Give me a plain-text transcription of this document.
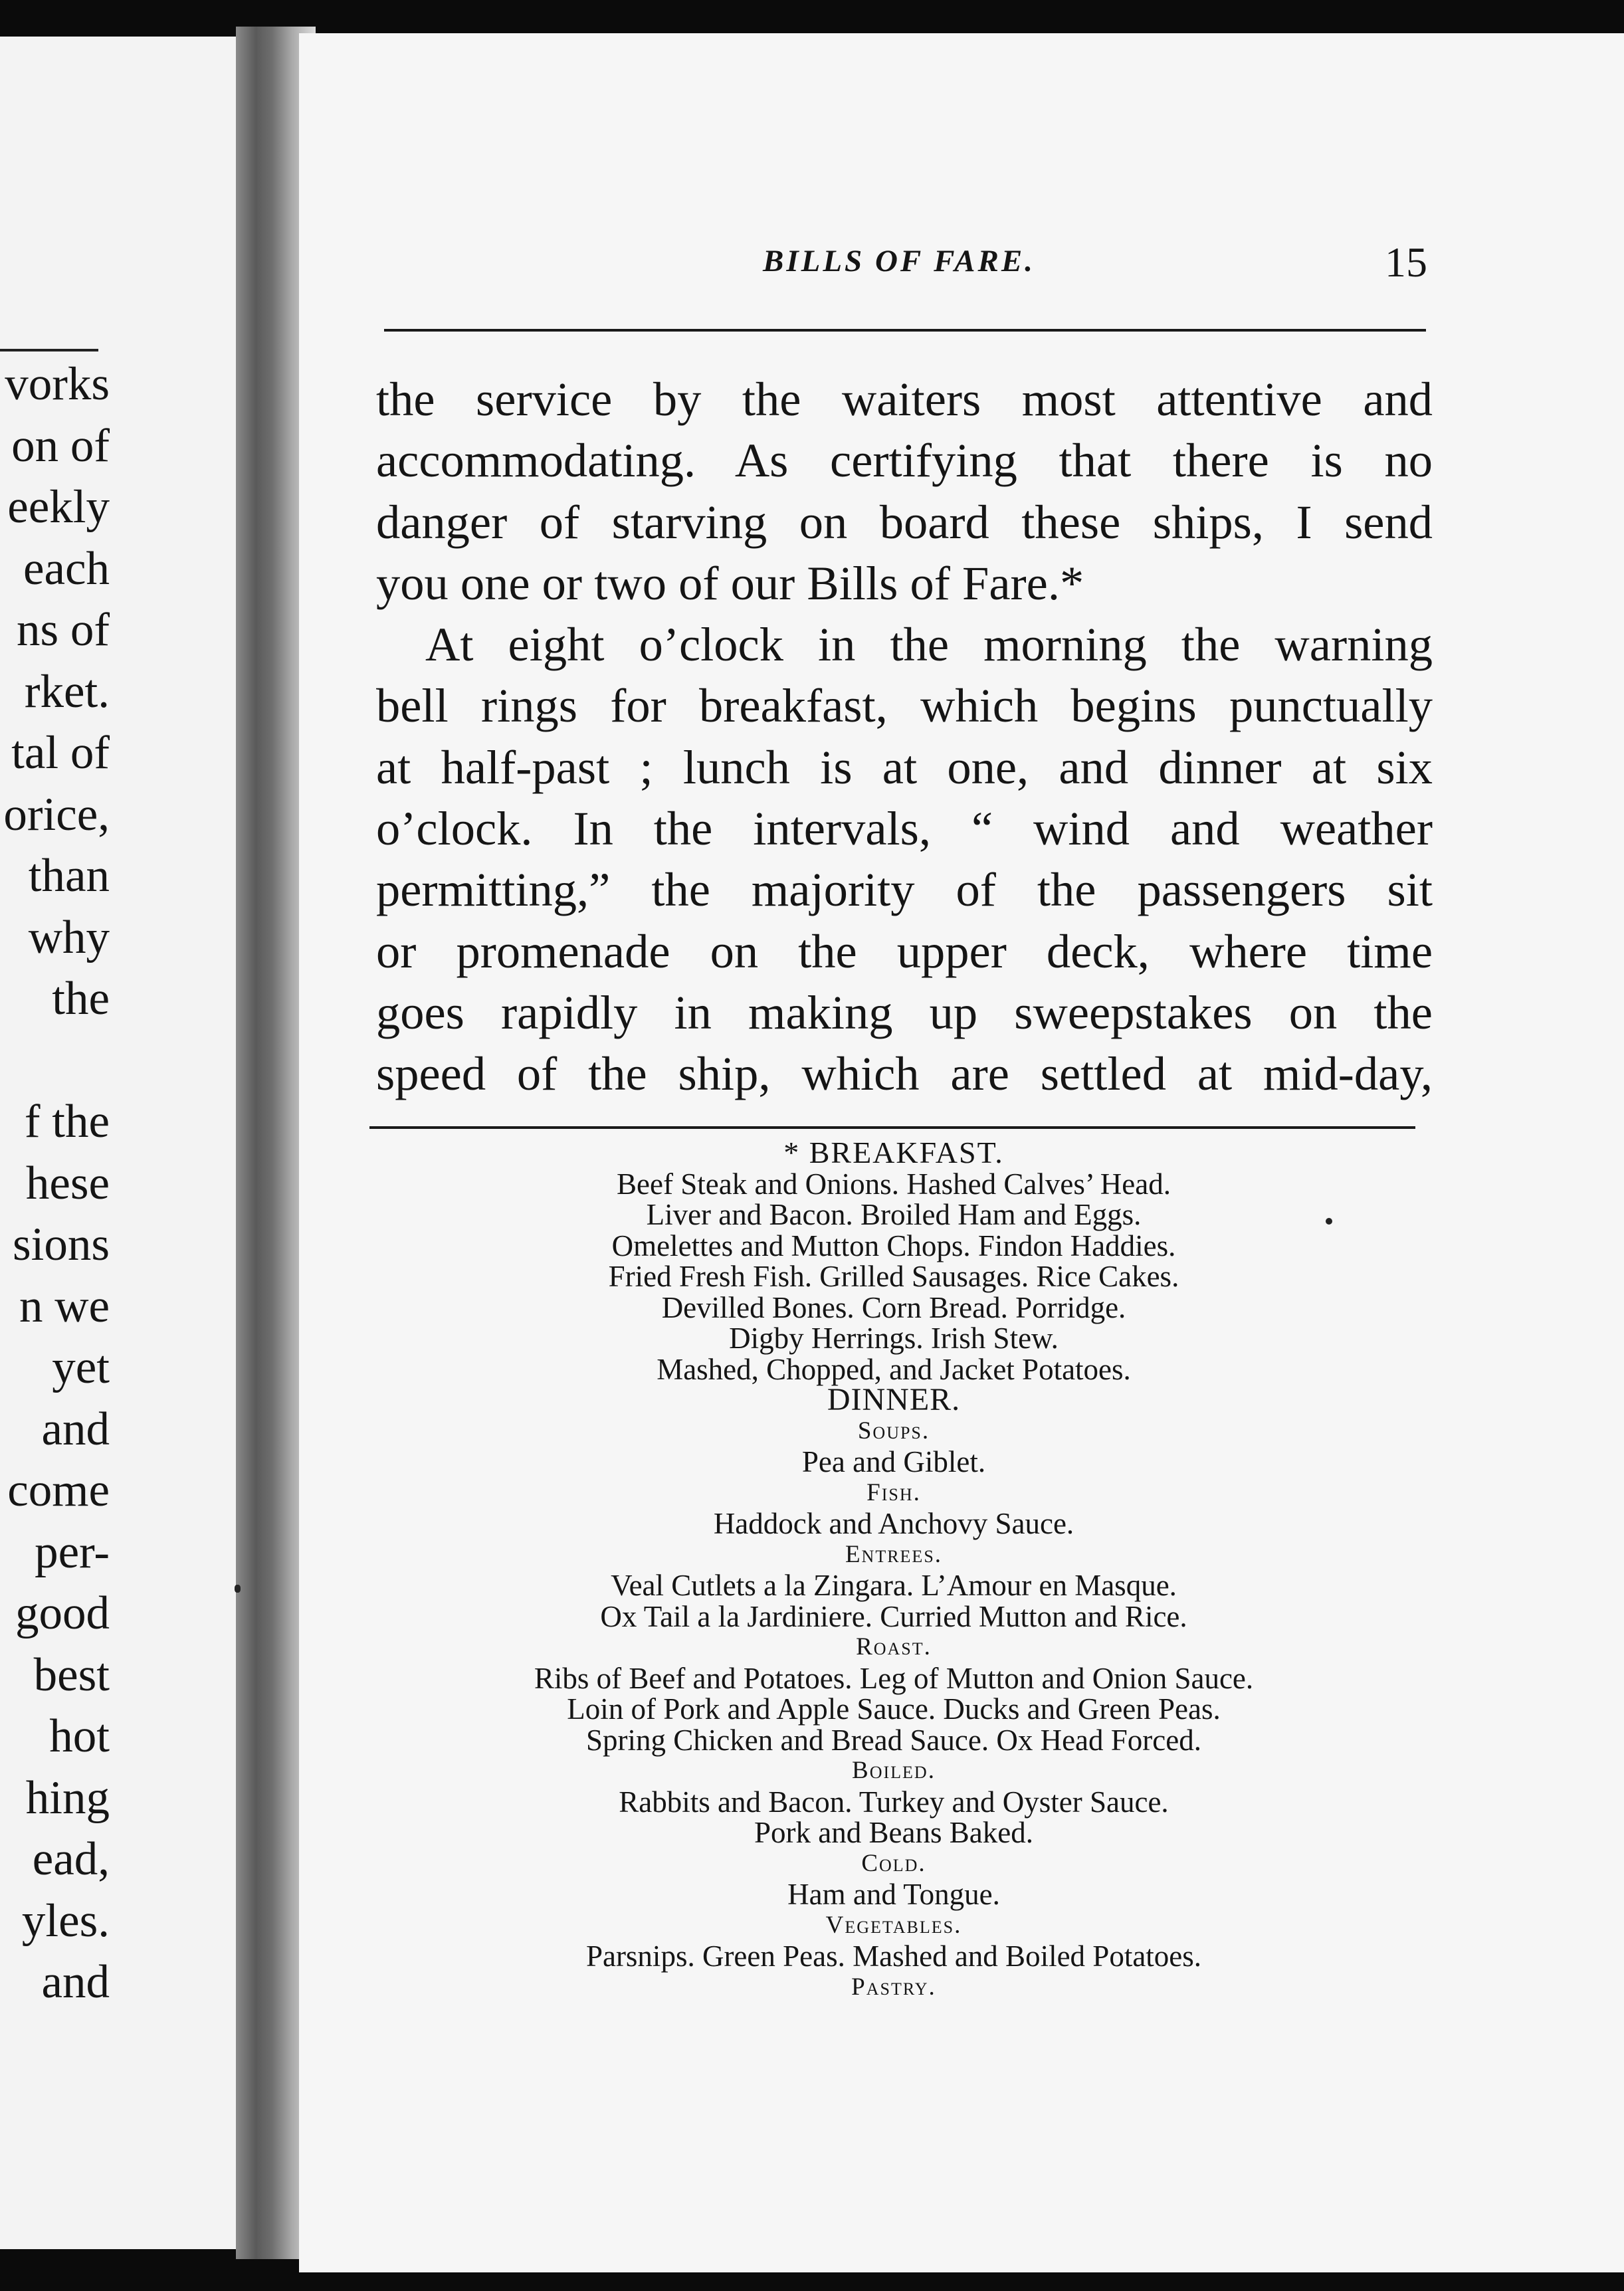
vorks
on of
eekly
each
ns of
rket.
tal of
orice,
than
why
the
f the
hese
sions
n we
yet
and
come
per-
good
best
hot
hing
ead,
yles.
and
BILLS OF FARE.	15
the service by the waiters most attentive and
accommodating. As certifying that there is no
danger of starving on board these ships, I send
you one or two of our Bills of Fare.*
At eight o’clock in the morning the warning
bell rings for breakfast, which begins punctually
at half-past ; lunch is at one, and dinner at six
o’clock. In the intervals, “ wind and weather
permitting,” the majority of the passengers sit
or promenade on the upper deck, where time
goes rapidly in making up sweepstakes on the
speed of the ship, which are settled at mid-day,
* BREAKFAST.
Beef Steak and Onions. Hashed Calves’ Head.
Liver and Bacon. Broiled Ham and Eggs.
Omelettes and Mutton Chops. Findon Haddies.
Fried Fresh Fish. Grilled Sausages. Rice Cakes.
Devilled Bones. Corn Bread. Porridge.
Digby Herrings. Irish Stew.
Mashed, Chopped, and Jacket Potatoes.
DINNER.
Soups.
Pea and Giblet.
Fish.
Haddock and Anchovy Sauce.
Entrees.
Veal Cutlets a la Zingara. L’Amour en Masque.
Ox Tail a la Jardiniere. Curried Mutton and Rice.
Roast.
Ribs of Beef and Potatoes. Leg of Mutton and Onion Sauce.
Loin of Pork and Apple Sauce. Ducks and Green Peas.
Spring Chicken and Bread Sauce. Ox Head Forced.
Boiled.
Rabbits and Bacon. Turkey and Oyster Sauce.
Pork and Beans Baked.
Cold.
Ham and Tongue.
Vegetables.
Parsnips. Green Peas. Mashed and Boiled Potatoes.
Pastry.
